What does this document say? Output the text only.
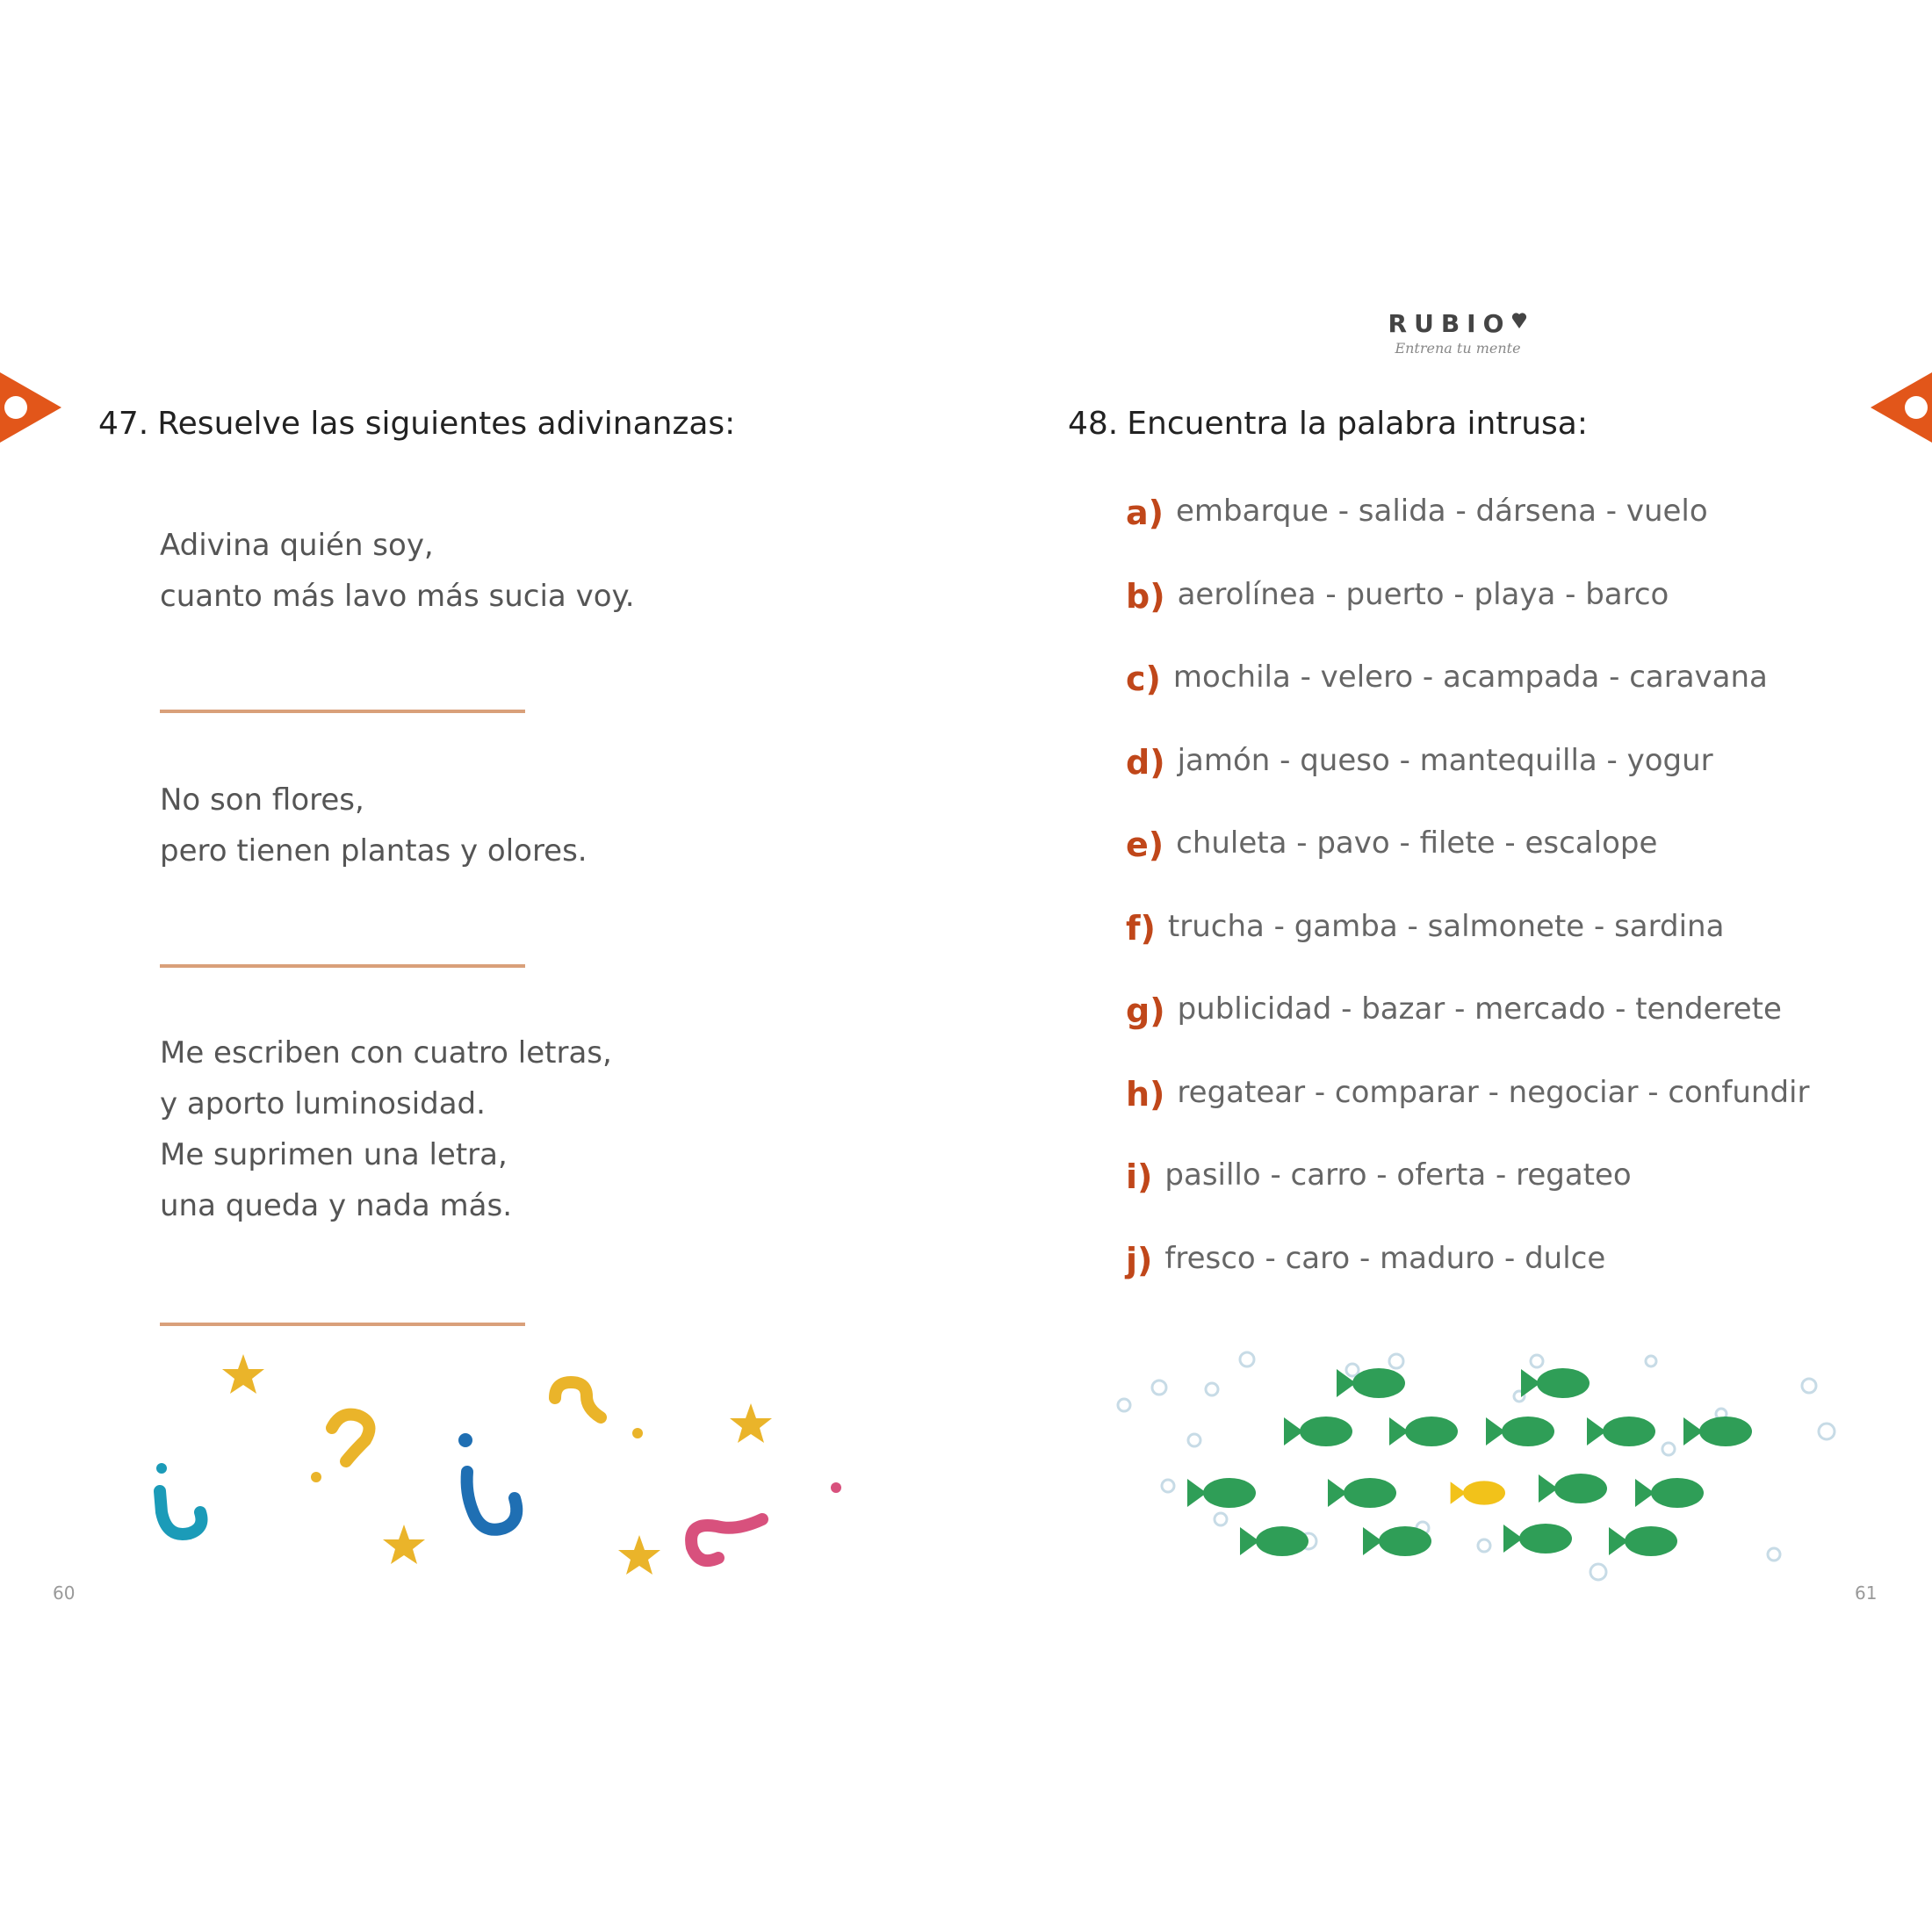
RUBIO
Entrena tu mente
47. Resuelve las siguientes adivinanzas:
Adivina quién soy,
cuanto más lavo más sucia voy.
No son flores,
pero tienen plantas y olores.
Me escriben con cuatro letras,
y aporto luminosidad.
Me suprimen una letra,
una queda y nada más.
60
48. Encuentra la palabra intrusa:
a) embarque - salida - dársena - vuelo
b) aerolínea - puerto - playa - barco
c) mochila - velero - acampada - caravana
d) jamón - queso - mantequilla - yogur
e) chuleta - pavo - filete - escalope
f) trucha - gamba - salmonete - sardina
g) publicidad - bazar - mercado - tenderete
h) regatear - comparar - negociar - confundir
i) pasillo - carro - oferta - regateo
j) fresco - caro - maduro - dulce
61
